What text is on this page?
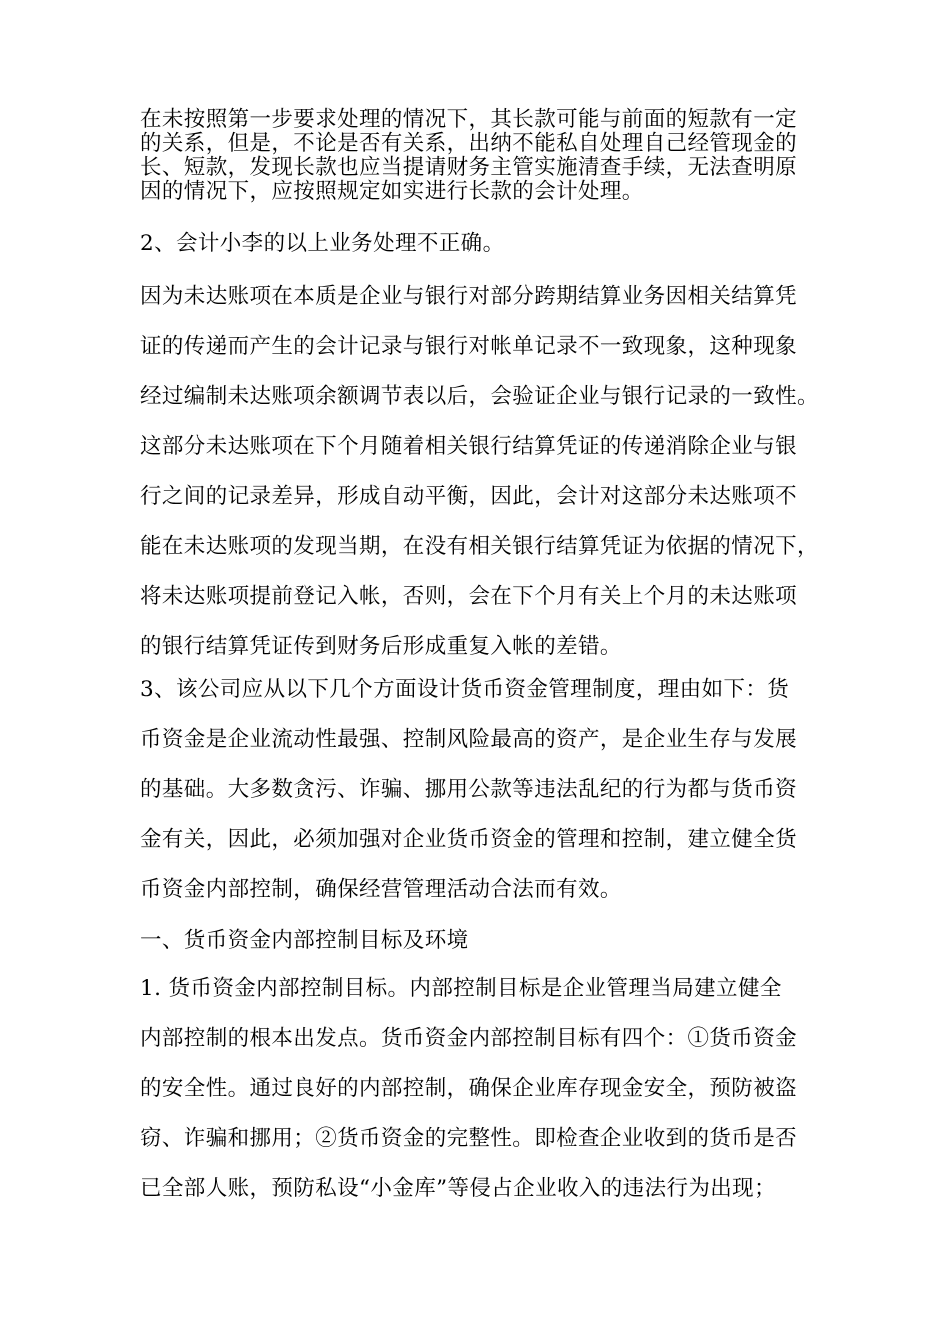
在未按照第一步要求处理的情况下，其长款可能与前面的短款有一定
的关系，但是，不论是否有关系，出纳不能私自处理自己经管现金的
长、短款，发现长款也应当提请财务主管实施清查手续，无法查明原
因的情况下，应按照规定如实进行长款的会计处理。
2、会计小李的以上业务处理不正确。
因为未达账项在本质是企业与银行对部分跨期结算业务因相关结算凭
证的传递而产生的会计记录与银行对帐单记录不一致现象，这种现象
经过编制未达账项余额调节表以后，会验证企业与银行记录的一致性。
这部分未达账项在下个月随着相关银行结算凭证的传递消除企业与银
行之间的记录差异，形成自动平衡，因此，会计对这部分未达账项不
能在未达账项的发现当期，在没有相关银行结算凭证为依据的情况下，
将未达账项提前登记入帐，否则，会在下个月有关上个月的未达账项
的银行结算凭证传到财务后形成重复入帐的差错。
3、该公司应从以下几个方面设计货币资金管理制度，理由如下：货
币资金是企业流动性最强、控制风险最高的资产，是企业生存与发展
的基础。大多数贪污、诈骗、挪用公款等违法乱纪的行为都与货币资
金有关，因此，必须加强对企业货币资金的管理和控制，建立健全货
币资金内部控制，确保经营管理活动合法而有效。
一、货币资金内部控制目标及环境
1. 货币资金内部控制目标。内部控制目标是企业管理当局建立健全
内部控制的根本出发点。货币资金内部控制目标有四个：①货币资金
的安全性。通过良好的内部控制，确保企业库存现金安全，预防被盗
窃、诈骗和挪用；②货币资金的完整性。即检查企业收到的货币是否
已全部人账，预防私设“小金库”等侵占企业收入的违法行为出现；
